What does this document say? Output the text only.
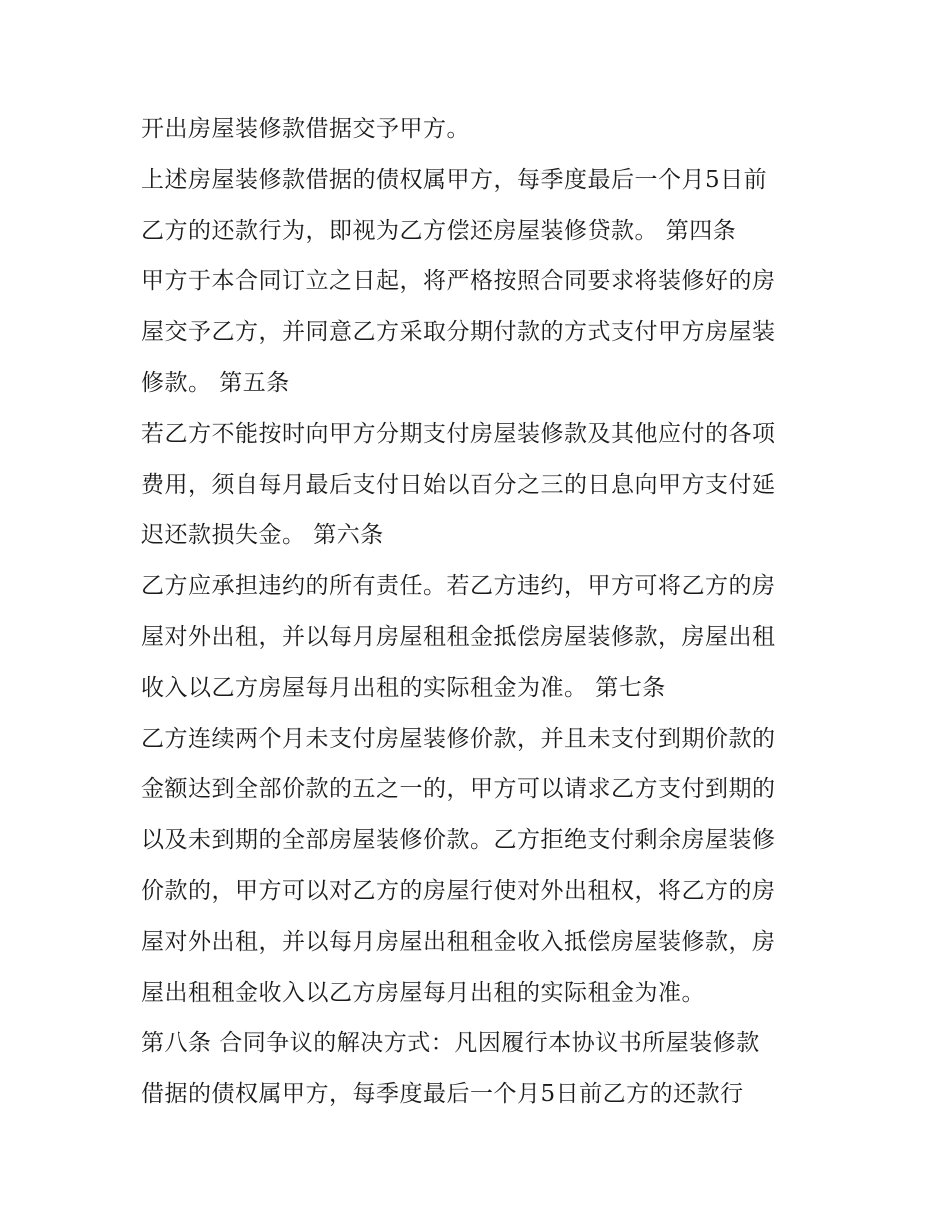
开出房屋装修款借据交予甲方。
上述房屋装修款借据的债权属甲方，每季度最后一个月5日前
乙方的还款行为，即视为乙方偿还房屋装修贷款。 第四条
甲方于本合同订立之日起，将严格按照合同要求将装修好的房
屋交予乙方，并同意乙方采取分期付款的方式支付甲方房屋装
修款。 第五条
若乙方不能按时向甲方分期支付房屋装修款及其他应付的各项
费用，须自每月最后支付日始以百分之三的日息向甲方支付延
迟还款损失金。 第六条
乙方应承担违约的所有责任。若乙方违约，甲方可将乙方的房
屋对外出租，并以每月房屋租租金抵偿房屋装修款，房屋出租
收入以乙方房屋每月出租的实际租金为准。 第七条
乙方连续两个月未支付房屋装修价款，并且未支付到期价款的
金额达到全部价款的五之一的，甲方可以请求乙方支付到期的
以及未到期的全部房屋装修价款。乙方拒绝支付剩余房屋装修
价款的，甲方可以对乙方的房屋行使对外出租权，将乙方的房
屋对外出租，并以每月房屋出租租金收入抵偿房屋装修款，房
屋出租租金收入以乙方房屋每月出租的实际租金为准。
第八条 合同争议的解决方式：凡因履行本协议书所屋装修款
借据的债权属甲方，每季度最后一个月5日前乙方的还款行
